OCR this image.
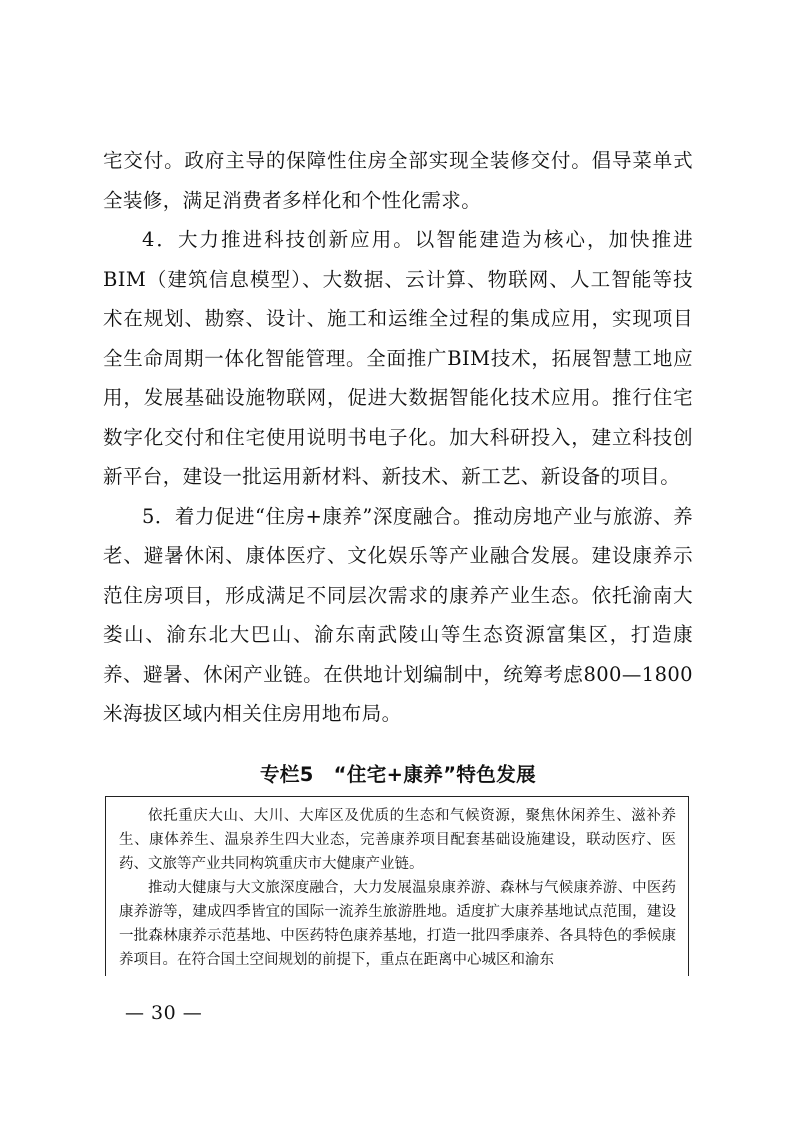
宅交付。政府主导的保障性住房全部实现全装修交付。倡导菜单式全装修，满足消费者多样化和个性化需求。

4．大力推进科技创新应用。以智能建造为核心，加快推进BIM（建筑信息模型）、大数据、云计算、物联网、人工智能等技术在规划、勘察、设计、施工和运维全过程的集成应用，实现项目全生命周期一体化智能管理。全面推广BIM技术，拓展智慧工地应用，发展基础设施物联网，促进大数据智能化技术应用。推行住宅数字化交付和住宅使用说明书电子化。加大科研投入，建立科技创新平台，建设一批运用新材料、新技术、新工艺、新设备的项目。

5．着力促进“住房+康养”深度融合。推动房地产业与旅游、养老、避暑休闲、康体医疗、文化娱乐等产业融合发展。建设康养示范住房项目，形成满足不同层次需求的康养产业生态。依托渝南大娄山、渝东北大巴山、渝东南武陵山等生态资源富集区，打造康养、避暑、休闲产业链。在供地计划编制中，统筹考虑800—1800米海拔区域内相关住房用地布局。

专栏5　“住宅+康养”特色发展

依托重庆大山、大川、大库区及优质的生态和气候资源，聚焦休闲养生、滋补养生、康体养生、温泉养生四大业态，完善康养项目配套基础设施建设，联动医疗、医药、文旅等产业共同构筑重庆市大健康产业链。

推动大健康与大文旅深度融合，大力发展温泉康养游、森林与气候康养游、中医药康养游等，建成四季皆宜的国际一流养生旅游胜地。适度扩大康养基地试点范围，建设一批森林康养示范基地、中医药特色康养基地，打造一批四季康养、各具特色的季候康养项目。在符合国土空间规划的前提下，重点在距离中心城区和渝东

— 30 —
